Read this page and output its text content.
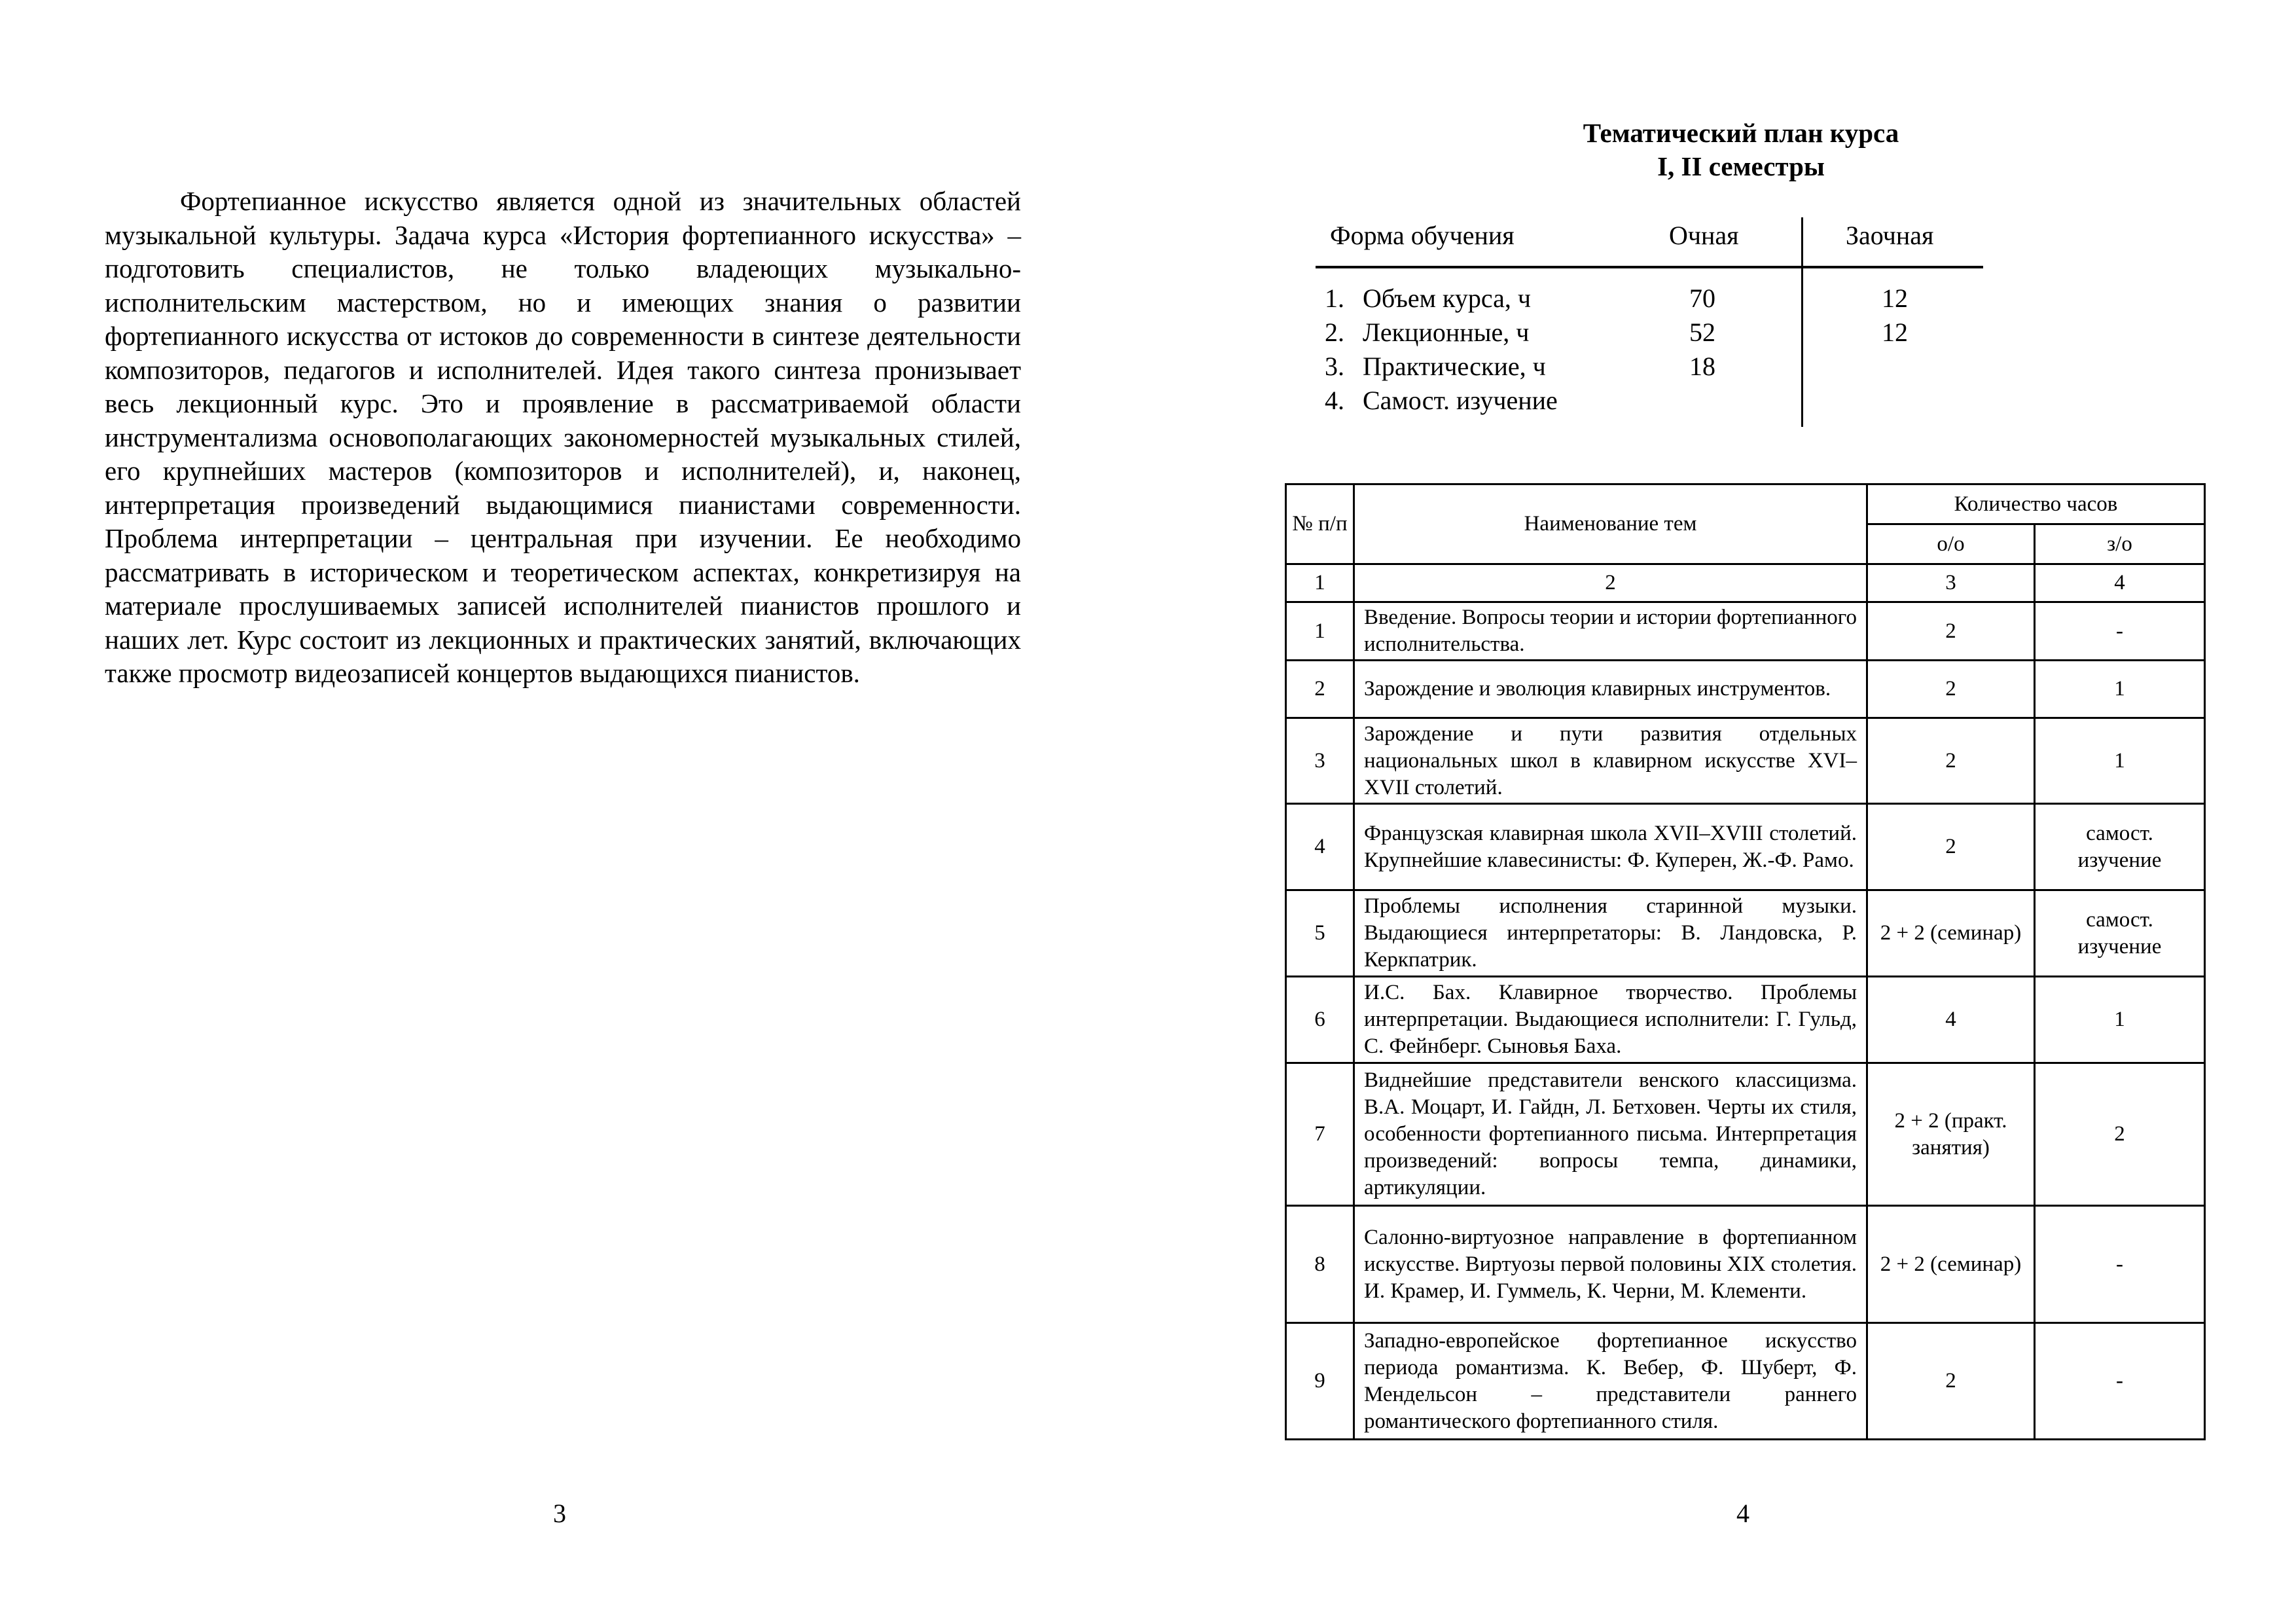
Фортепианное искусство является одной из значительных областей музыкальной культуры. Задача курса «История фортепианного искусства» – подготовить специалистов, не только владеющих музыкально-исполнительским мастерством, но и имеющих знания о развитии фортепианного искусства от истоков до современности в синтезе деятельности композиторов, педагогов и исполнителей. Идея такого синтеза пронизывает весь лекционный курс. Это и проявление в рассматриваемой области инструментализма основополагающих закономерностей музыкальных стилей, его крупнейших мастеров (композиторов и исполнителей), и, наконец, интерпретация произведений выдающимися пианистами современности. Проблема интерпретации – центральная при изучении. Ее необходимо рассматривать в историческом и теоретическом аспектах, конкретизируя на материале прослушиваемых записей исполнителей пианистов прошлого и наших лет. Курс состоит из лекционных и практических занятий, включающих также просмотр видеозаписей концертов выдающихся пианистов.

3
Тематический план курса
I, II семестры
Форма обучения	Очная	Заочная
1. Объем курса, ч	70	12
2. Лекционные, ч	52	12
3. Практические, ч	18
4. Самост. изучение
№ п/п	Наименование тем	Количество часов	
		о/о	з/о
1	2	3	4
1	Введение. Вопросы теории и истории фортепианного исполнительства.	2	-
2	Зарождение и эволюция клавирных инструментов.	2	1
3	Зарождение и пути развития отдельных национальных школ в клавирном искусстве XVI–XVII столетий.	2	1
4	Французская клавирная школа XVII–XVIII столетий. Крупнейшие клавесинисты: Ф. Куперен, Ж.-Ф. Рамо.	2	самост. изучение
5	Проблемы исполнения старинной музыки. Выдающиеся интерпретаторы: В. Ландовска, Р. Керкпатрик.	2 + 2 (семинар)	самост. изучение
6	И.С. Бах. Клавирное творчество. Проблемы интерпретации. Выдающиеся исполнители: Г. Гульд, С. Фейнберг. Сыновья Баха.	4	1
7	Виднейшие представители венского классицизма. В.А. Моцарт, И. Гайдн, Л. Бетховен. Черты их стиля, особенности фортепианного письма. Интерпретация произведений: вопросы темпа, динамики, артикуляции.	2 + 2 (практ. занятия)	2
8	Салонно-виртуозное направление в фортепианном искусстве. Виртуозы первой половины XIX столетия. И. Крамер, И. Гуммель, К. Черни, М. Клементи.	2 + 2 (семинар)	-
9	Западно-европейское фортепианное искусство периода романтизма. К. Вебер, Ф. Шуберт, Ф. Мендельсон – представители раннего романтического фортепианного стиля.	2	-
4
